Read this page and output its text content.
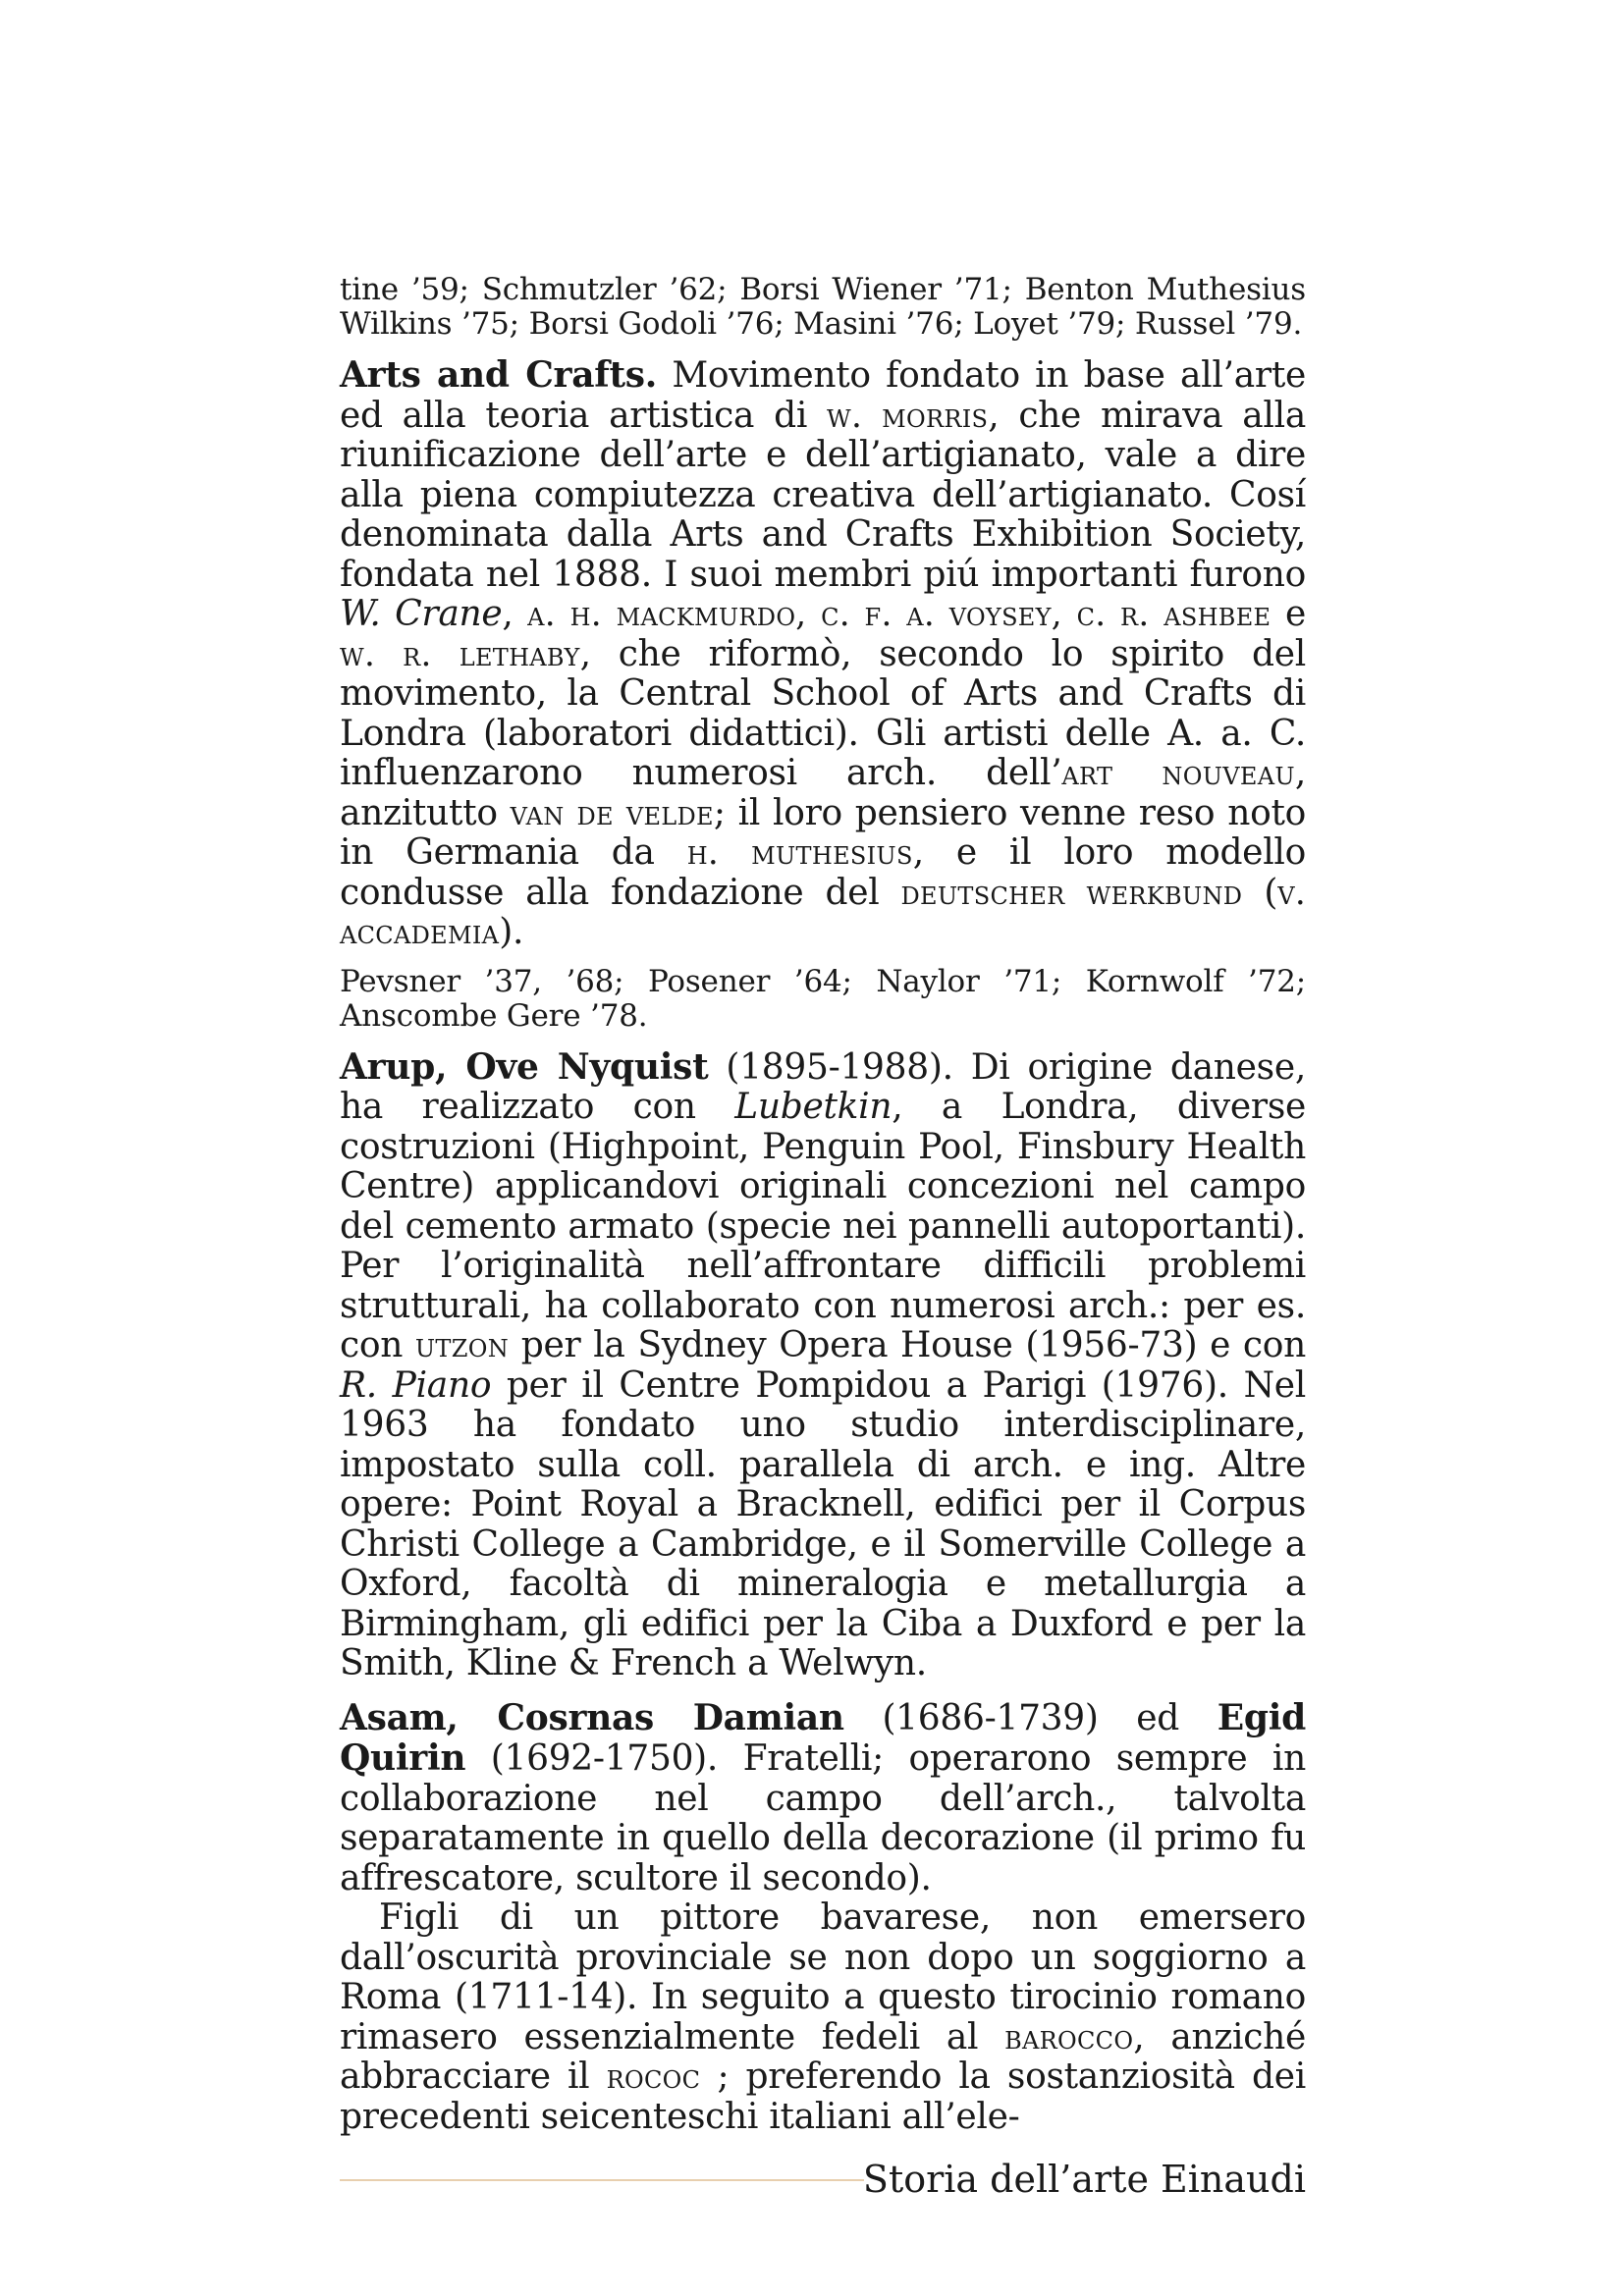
tine ’59; Schmutzler ’62; Borsi Wiener ’71; Benton Muthesius Wilkins ’75; Borsi Godoli ’76; Masini ’76; Loyet ’79; Russel ’79.

Arts and Crafts. Movimento fondato in base all’arte ed alla teoria artistica di w. morris, che mirava alla riunificazione dell’arte e dell’artigianato, vale a dire alla piena compiutezza creativa dell’artigianato. Cosí denominata dalla Arts and Crafts Exhibition Society, fondata nel 1888. I suoi membri piú importanti furono W. Crane, a. h. mackmurdo, c. f. a. voysey, c. r. ashbee e w. r. lethaby, che riformò, secondo lo spirito del movimento, la Central School of Arts and Crafts di Londra (laboratori didattici). Gli artisti delle A. a. C. influenzarono numerosi arch. dell’art nouveau, anzitutto van de velde; il loro pensiero venne reso noto in Germania da h. muthesius, e il loro modello condusse alla fondazione del deutscher werkbund (v. accademia).

Pevsner ’37, ’68; Posener ’64; Naylor ’71; Kornwolf ’72; Anscombe Gere ’78.

Arup, Ove Nyquist (1895-1988). Di origine danese, ha realizzato con Lubetkin, a Londra, diverse costruzioni (Highpoint, Penguin Pool, Finsbury Health Centre) applicandovi originali concezioni nel campo del cemento armato (specie nei pannelli autoportanti). Per l’originalità nell’affrontare difficili problemi strutturali, ha collaborato con numerosi arch.: per es. con utzon per la Sydney Opera House (1956-73) e con R. Piano per il Centre Pompidou a Parigi (1976). Nel 1963 ha fondato uno studio interdisciplinare, impostato sulla coll. parallela di arch. e ing. Altre opere: Point Royal a Bracknell, edifici per il Corpus Christi College a Cambridge, e il Somerville College a Oxford, facoltà di mineralogia e metallurgia a Birmingham, gli edifici per la Ciba a Duxford e per la Smith, Kline & French a Welwyn.

Asam, Cosrnas Damian (1686-1739) ed Egid Quirin (1692-1750). Fratelli; operarono sempre in collaborazione nel campo dell’arch., talvolta separatamente in quello della decorazione (il primo fu affrescatore, scultore il secondo).

Figli di un pittore bavarese, non emersero dall’oscurità provinciale se non dopo un soggiorno a Roma (1711-14). In seguito a questo tirocinio romano rimasero essenzialmente fedeli al barocco, anziché abbracciare il rococ ; preferendo la sostanziosità dei precedenti seicenteschi italiani all’ele-

Storia dell’arte Einaudi
